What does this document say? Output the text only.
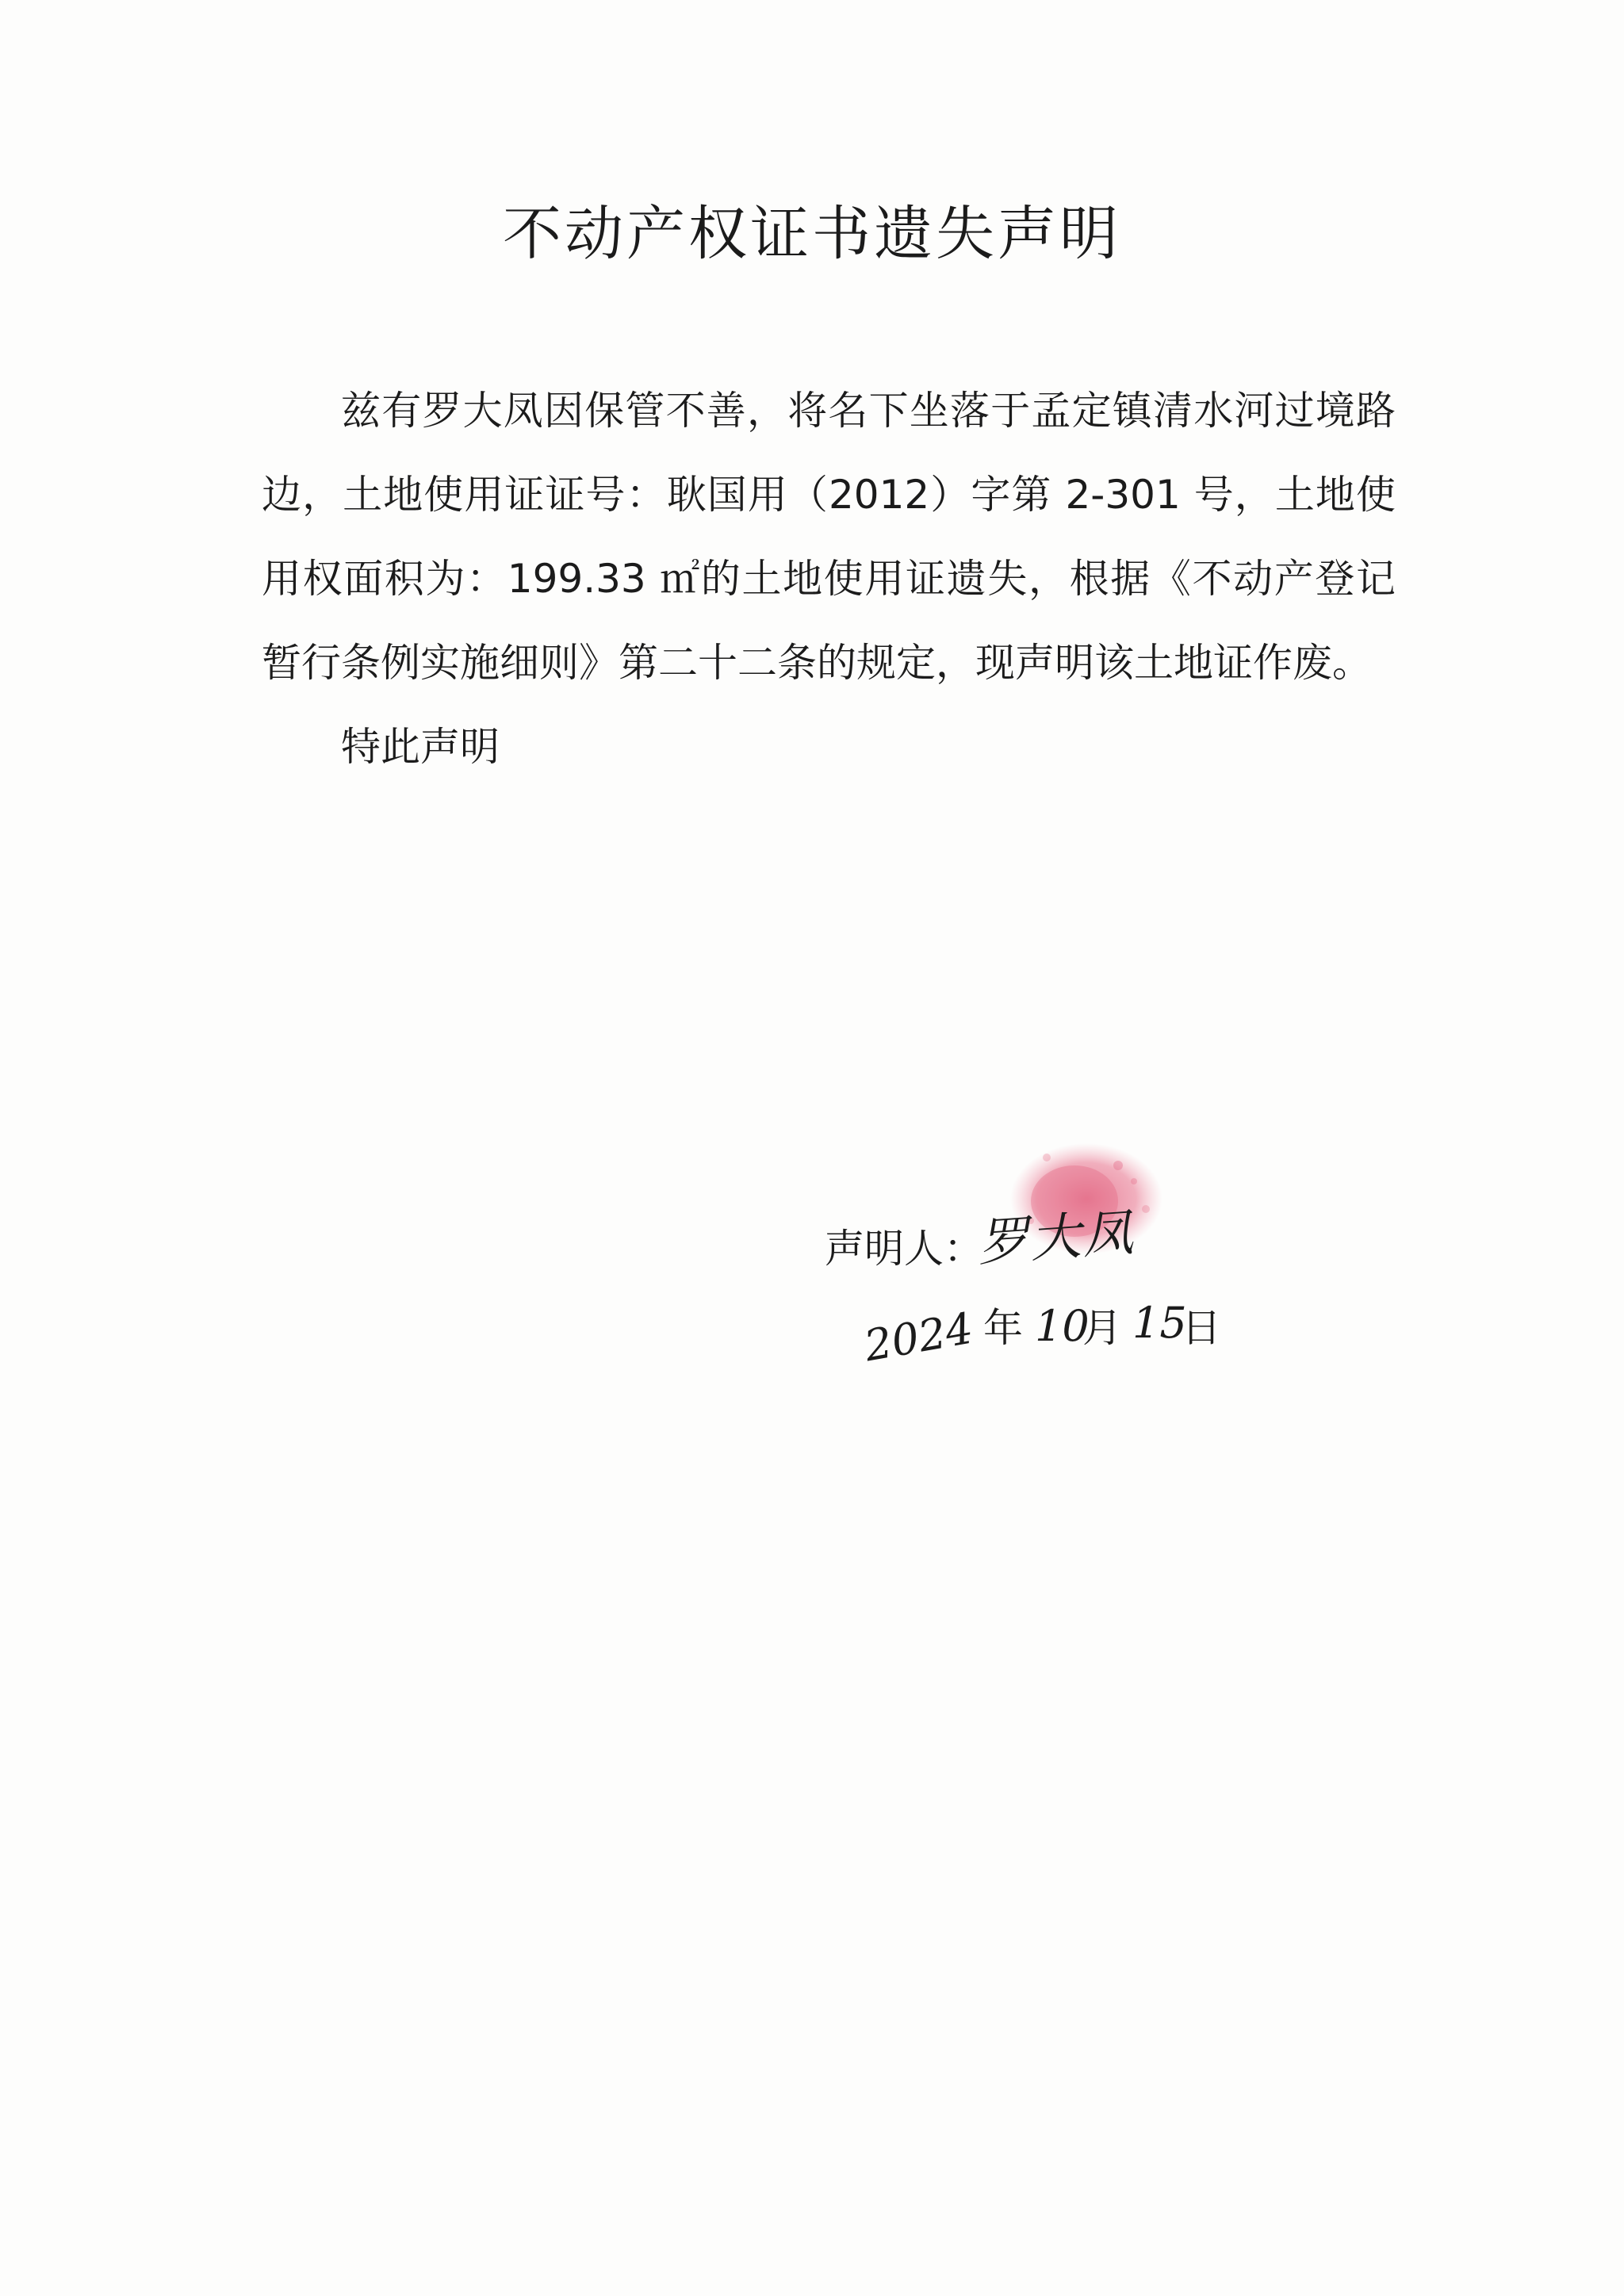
不动产权证书遗失声明

兹有罗大凤因保管不善，将名下坐落于孟定镇清水河过境路边，土地使用证证号：耿国用（2012）字第 2-301 号，土地使用权面积为：199.33 ㎡的土地使用证遗失，根据《不动产登记暂行条例实施细则》第二十二条的规定，现声明该土地证作废。

特此声明

声明人：
罗大凤
2024 年 10
月 15
日
